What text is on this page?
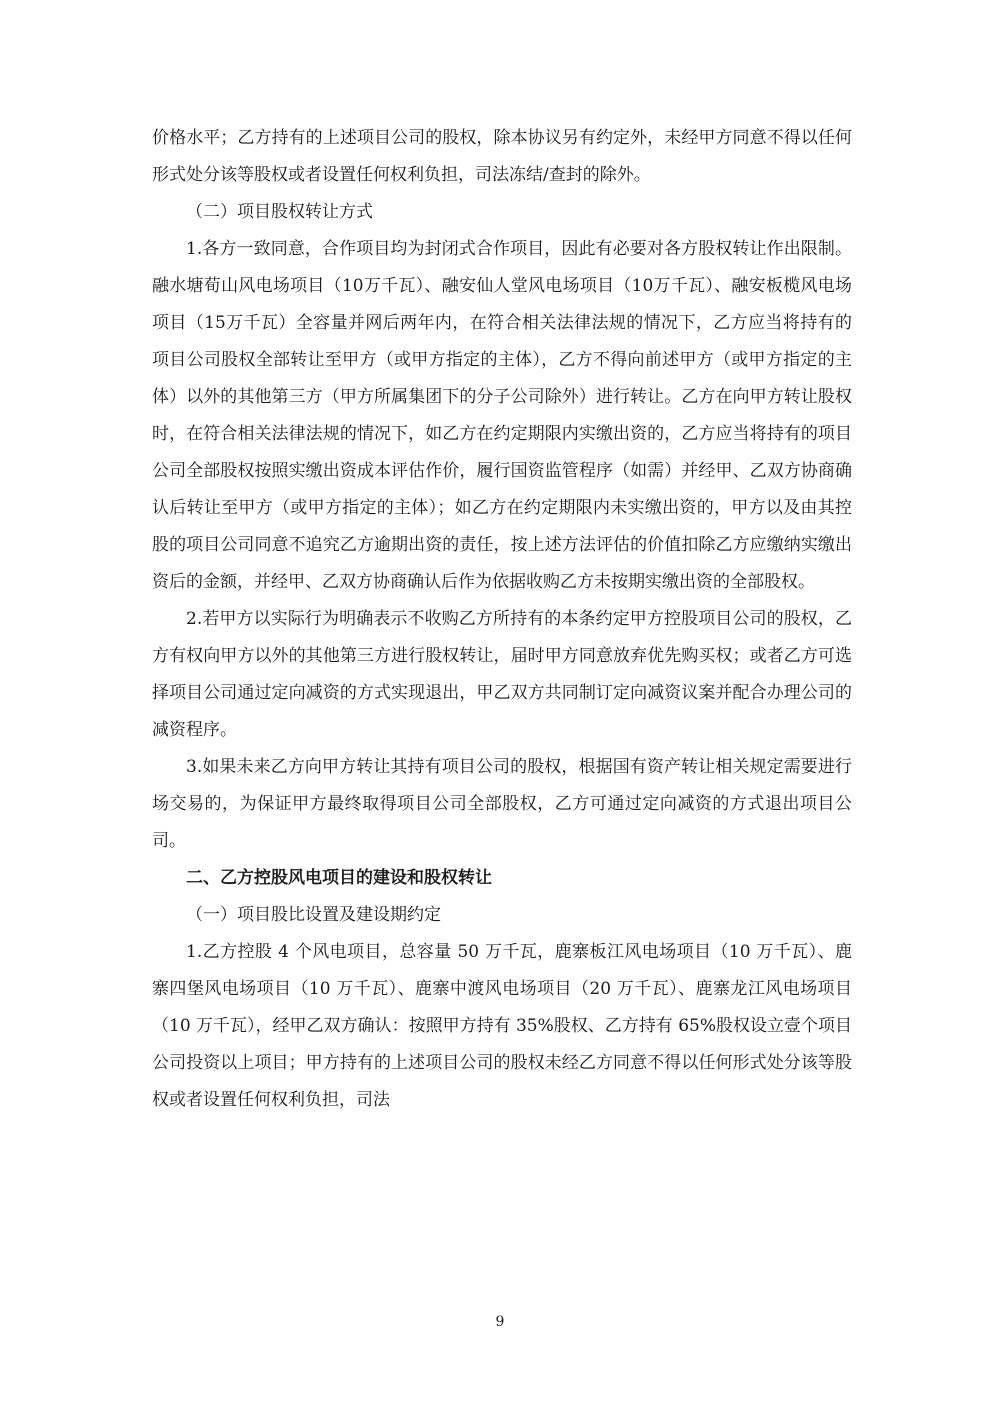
价格水平；乙方持有的上述项目公司的股权，除本协议另有约定外，未经甲方同意不得以任何形式处分该等股权或者设置任何权利负担，司法冻结/查封的除外。

（二）项目股权转让方式

1.各方一致同意，合作项目均为封闭式合作项目，因此有必要对各方股权转让作出限制。融水塘荀山风电场项目（10万千瓦）、融安仙人堂风电场项目（10万千瓦）、融安板榄风电场项目（15万千瓦）全容量并网后两年内，在符合相关法律法规的情况下，乙方应当将持有的项目公司股权全部转让至甲方（或甲方指定的主体），乙方不得向前述甲方（或甲方指定的主体）以外的其他第三方（甲方所属集团下的分子公司除外）进行转让。乙方在向甲方转让股权时，在符合相关法律法规的情况下，如乙方在约定期限内实缴出资的，乙方应当将持有的项目公司全部股权按照实缴出资成本评估作价，履行国资监管程序（如需）并经甲、乙双方协商确认后转让至甲方（或甲方指定的主体）；如乙方在约定期限内未实缴出资的，甲方以及由其控股的项目公司同意不追究乙方逾期出资的责任，按上述方法评估的价值扣除乙方应缴纳实缴出资后的金额，并经甲、乙双方协商确认后作为依据收购乙方未按期实缴出资的全部股权。

2.若甲方以实际行为明确表示不收购乙方所持有的本条约定甲方控股项目公司的股权，乙方有权向甲方以外的其他第三方进行股权转让，届时甲方同意放弃优先购买权；或者乙方可选择项目公司通过定向减资的方式实现退出，甲乙双方共同制订定向减资议案并配合办理公司的减资程序。

3.如果未来乙方向甲方转让其持有项目公司的股权，根据国有资产转让相关规定需要进行场交易的，为保证甲方最终取得项目公司全部股权，乙方可通过定向减资的方式退出项目公司。

二、乙方控股风电项目的建设和股权转让

（一）项目股比设置及建设期约定

1.乙方控股 4 个风电项目，总容量 50 万千瓦，鹿寨板江风电场项目（10 万千瓦）、鹿寨四堡风电场项目（10 万千瓦）、鹿寨中渡风电场项目（20 万千瓦）、鹿寨龙江风电场项目（10 万千瓦），经甲乙双方确认：按照甲方持有 35%股权、乙方持有 65%股权设立壹个项目公司投资以上项目；甲方持有的上述项目公司的股权未经乙方同意不得以任何形式处分该等股权或者设置任何权利负担，司法

9
